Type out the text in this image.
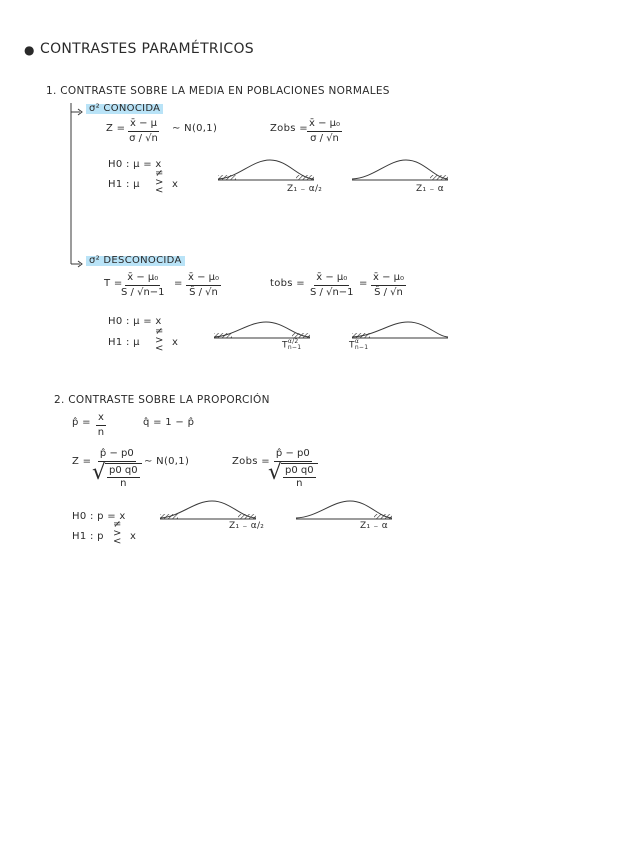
● CONTRASTES PARAMÉTRICOS
1. CONTRASTE SOBRE LA MEDIA EN POBLACIONES NORMALES
σ² CONOCIDA
$Z = \frac{x̄ - \mu}{\sigma / √n}$ ∼ N(0,1)	Zobs = $\frac{\text{x̄ − μ₀}}{\sigma / √n}$
H0 : μ = x
H1 : μ
≠
>
<
x	Z₁ ₋ α/₂	Z₁ ₋ α
σ² DESCONOCIDA
T =
$\frac{\text{x̄ − μ₀}}{S / √n-1} = \frac{\text{x̄ − μ₀}}{Ŝ / √n}$	tobs = $\frac{\text{x̄ − μ₀}}{S / √n-1} = \frac{\text{x̄ − μ₀}}{Ŝ / √n}$
H0 : μ = x
H1 : μ
≠
>
<
x	T α/2
n−1	T α
n−1
2. CONTRASTE SOBRE LA PROPORCIÓN
p̂ = $\frac{x}{n}$	q̂ = 1 − p̂
$Z = \frac{p̂ - p0}{√ \frac{p0 q0}{n}}$ ∼ N(0,1)	Zobs =
$\frac{p̂ - p0}{√ \frac{p0 q0}{n}}$
H0 : p = x
H1 : p
≠
>
< x
Z₁ ₋ α/₂	Z₁ ₋ α
